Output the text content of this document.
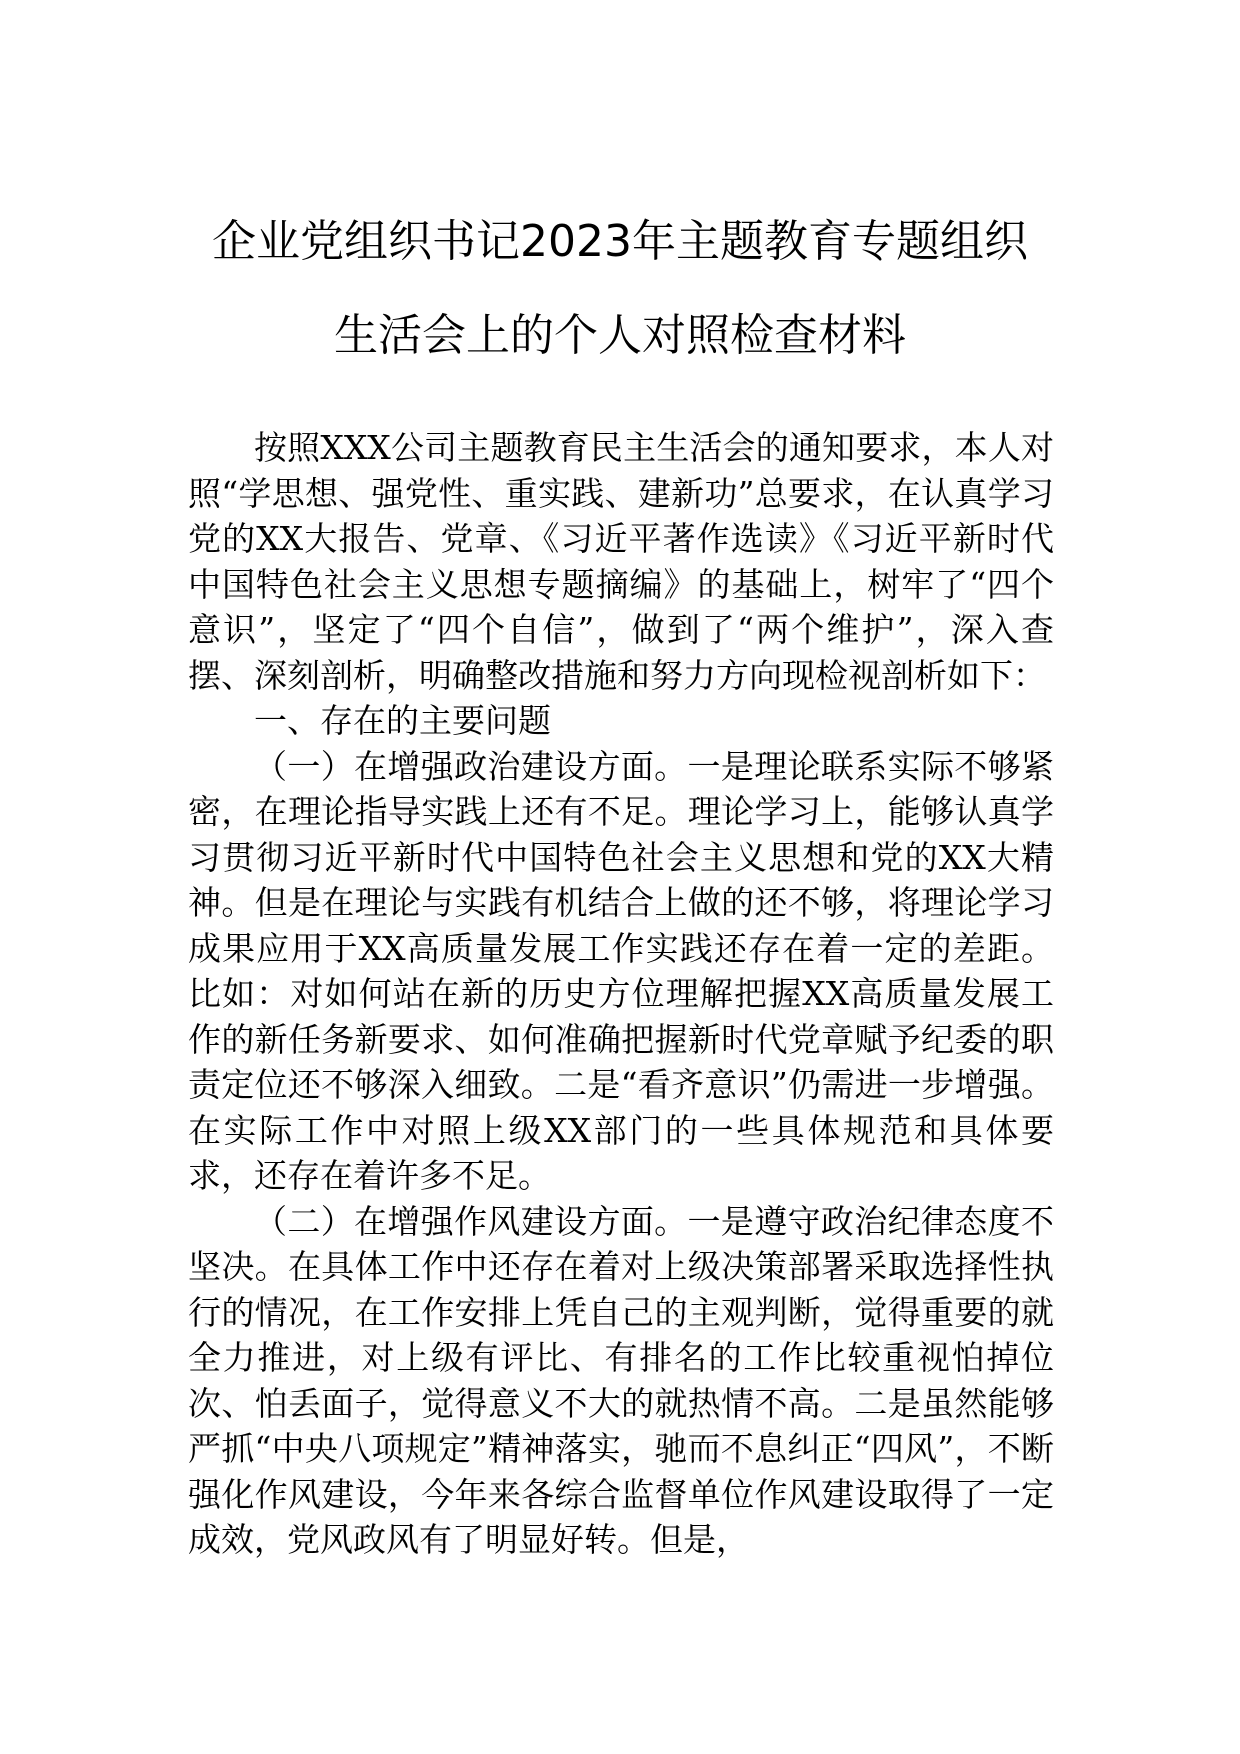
企业党组织书记2023年主题教育专题组织
生活会上的个人对照检查材料

按照XXX公司主题教育民主生活会的通知要求，本人对照“学思想、强党性、重实践、建新功”总要求，在认真学习党的XX大报告、党章、《习近平著作选读》《习近平新时代中国特色社会主义思想专题摘编》的基础上，树牢了“四个意识”，坚定了“四个自信”，做到了“两个维护”，深入查摆、深刻剖析，明确整改措施和努力方向现检视剖析如下：

一、存在的主要问题

（一）在增强政治建设方面。一是理论联系实际不够紧密，在理论指导实践上还有不足。理论学习上，能够认真学习贯彻习近平新时代中国特色社会主义思想和党的XX大精神。但是在理论与实践有机结合上做的还不够，将理论学习成果应用于XX高质量发展工作实践还存在着一定的差距。比如：对如何站在新的历史方位理解把握XX高质量发展工作的新任务新要求、如何准确把握新时代党章赋予纪委的职责定位还不够深入细致。二是“看齐意识”仍需进一步增强。在实际工作中对照上级XX部门的一些具体规范和具体要求，还存在着许多不足。

（二）在增强作风建设方面。一是遵守政治纪律态度不坚决。在具体工作中还存在着对上级决策部署采取选择性执行的情况，在工作安排上凭自己的主观判断，觉得重要的就全力推进，对上级有评比、有排名的工作比较重视怕掉位次、怕丢面子，觉得意义不大的就热情不高。二是虽然能够严抓“中央八项规定”精神落实，驰而不息纠正“四风”，不断强化作风建设，今年来各综合监督单位作风建设取得了一定成效，党风政风有了明显好转。但是，
